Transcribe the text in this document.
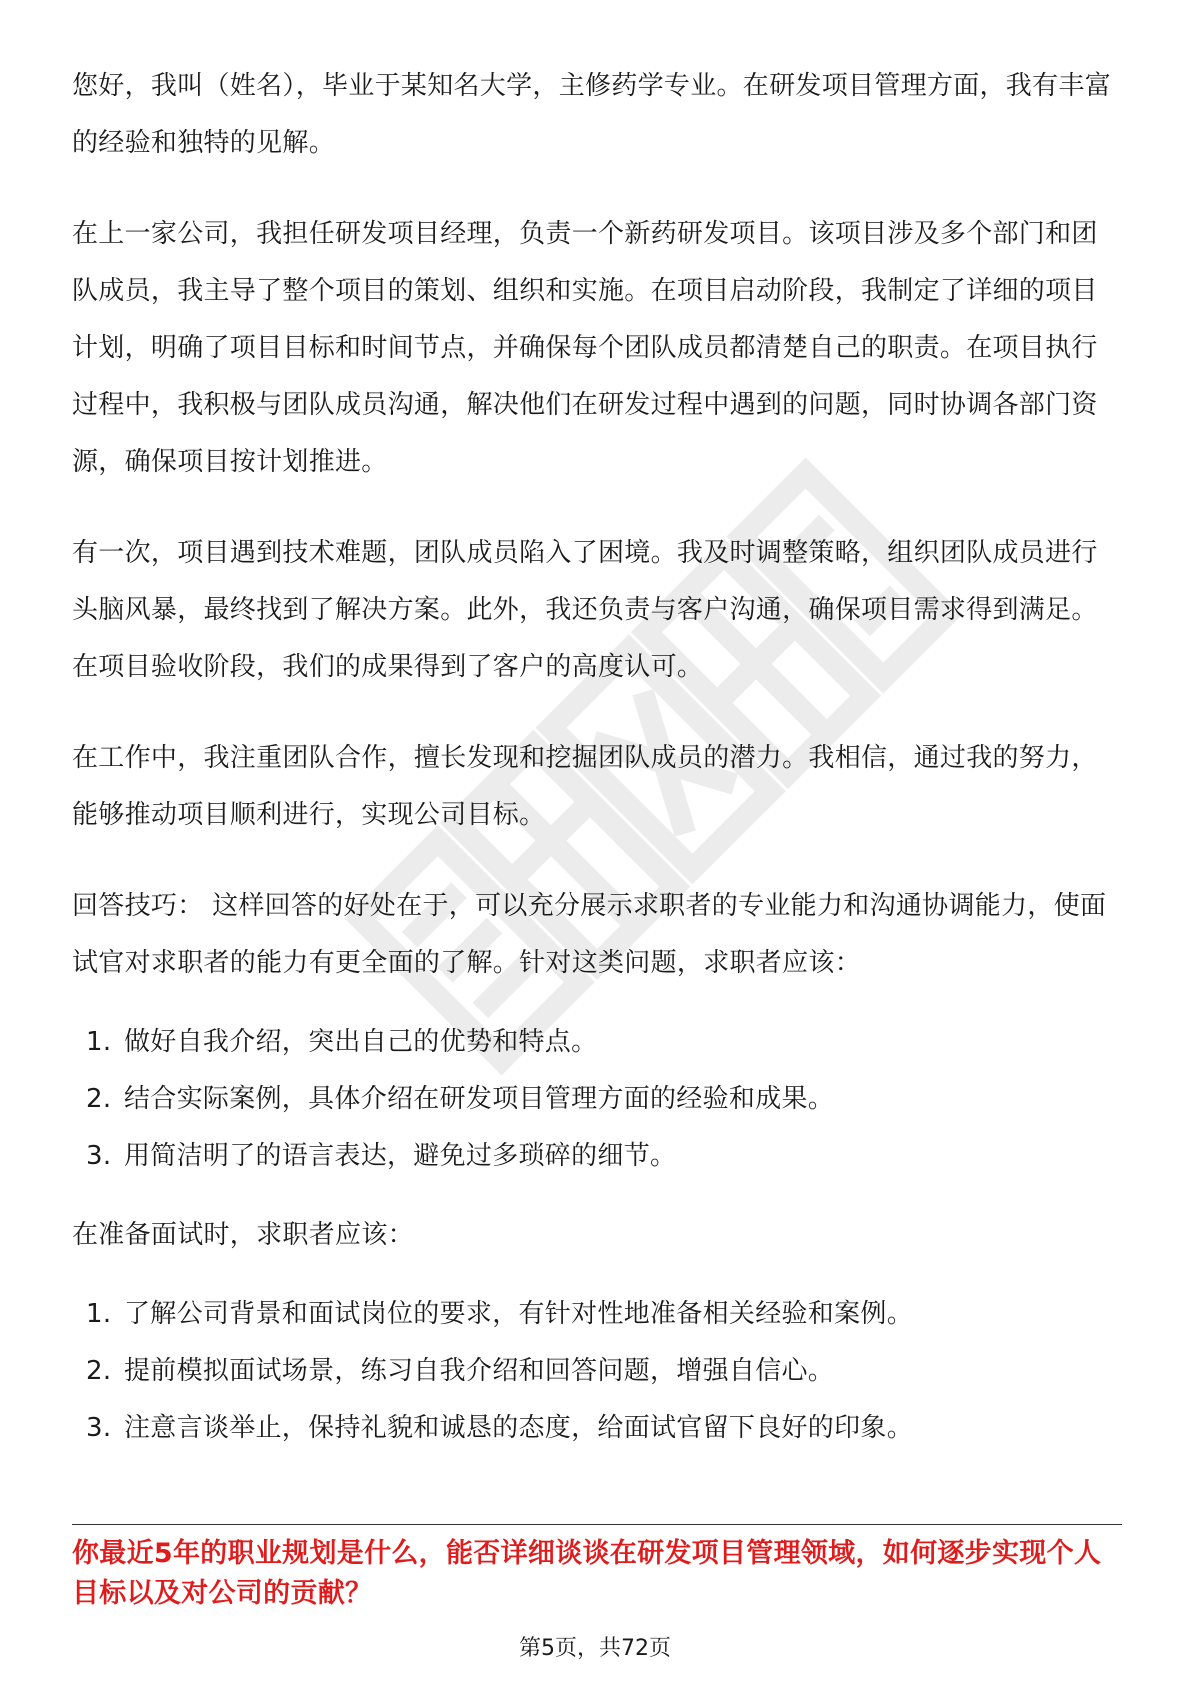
您好，我叫（姓名），毕业于某知名大学，主修药学专业。在研发项目管理方面，我有丰富的经验和独特的见解。

在上一家公司，我担任研发项目经理，负责一个新药研发项目。该项目涉及多个部门和团队成员，我主导了整个项目的策划、组织和实施。在项目启动阶段，我制定了详细的项目计划，明确了项目目标和时间节点，并确保每个团队成员都清楚自己的职责。在项目执行过程中，我积极与团队成员沟通，解决他们在研发过程中遇到的问题，同时协调各部门资源，确保项目按计划推进。

有一次，项目遇到技术难题，团队成员陷入了困境。我及时调整策略，组织团队成员进行头脑风暴，最终找到了解决方案。此外，我还负责与客户沟通，确保项目需求得到满足。在项目验收阶段，我们的成果得到了客户的高度认可。

在工作中，我注重团队合作，擅长发现和挖掘团队成员的潜力。我相信，通过我的努力，能够推动项目顺利进行，实现公司目标。

回答技巧： 这样回答的好处在于，可以充分展示求职者的专业能力和沟通协调能力，使面试官对求职者的能力有更全面的了解。针对这类问题，求职者应该：

1. 做好自我介绍，突出自己的优势和特点。
2. 结合实际案例，具体介绍在研发项目管理方面的经验和成果。
3. 用简洁明了的语言表达，避免过多琐碎的细节。

在准备面试时，求职者应该：

1. 了解公司背景和面试岗位的要求，有针对性地准备相关经验和案例。
2. 提前模拟面试场景，练习自我介绍和回答问题，增强自信心。
3. 注意言谈举止，保持礼貌和诚恳的态度，给面试官留下良好的印象。

你最近5年的职业规划是什么，能否详细谈谈在研发项目管理领域，如何逐步实现个人目标以及对公司的贡献？

第5页，共72页
